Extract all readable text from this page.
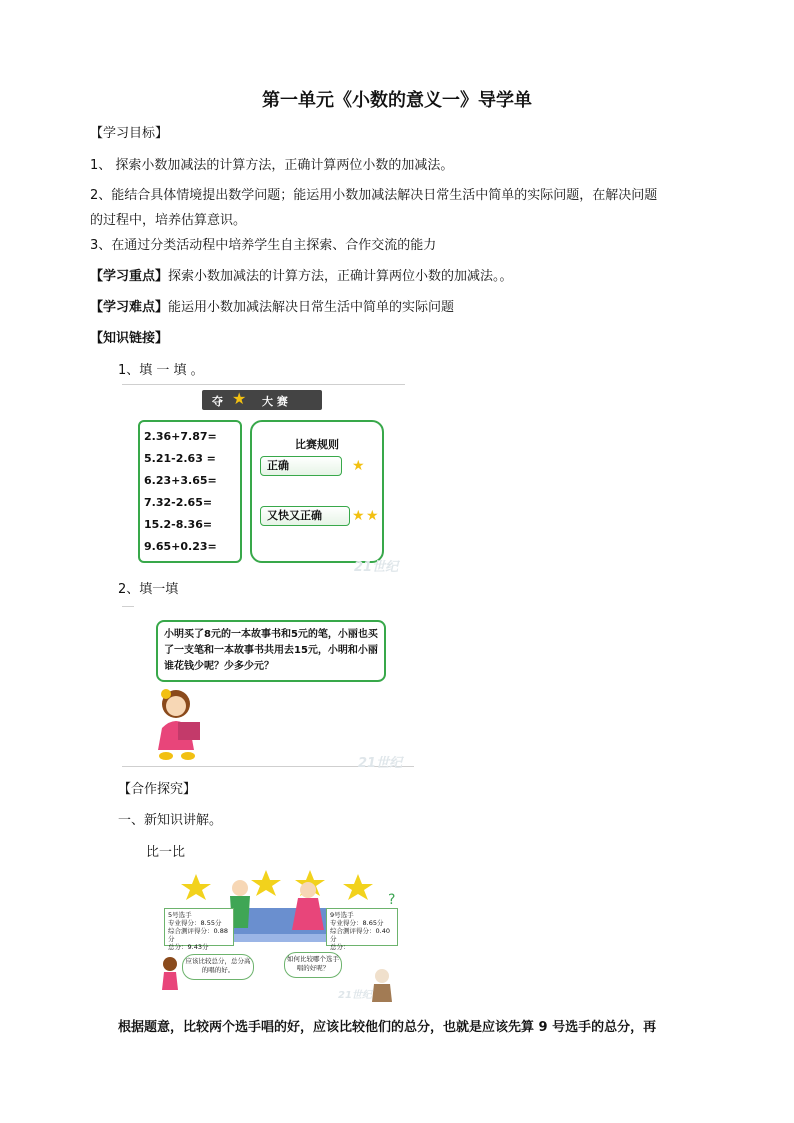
第一单元《小数的意义一》导学单
【学习目标】
1、 探索小数加减法的计算方法，正确计算两位小数的加减法。
2、能结合具体情境提出数学问题；能运用小数加减法解决日常生活中简单的实际问题，在解决问题
的过程中，培养估算意识。
3、在通过分类活动程中培养学生自主探索、合作交流的能力
【学习重点】探索小数加减法的计算方法，正确计算两位小数的加减法。。
【学习难点】能运用小数加减法解决日常生活中简单的实际问题
【知识链接】
1、填 一 填 。
夺 ★ 大 赛
2.36+7.87=
5.21-2.63 =
6.23+3.65=
7.32-2.65=
15.2-8.36=
9.65+0.23=
比赛规则
正确	★
又快又正确	★ ★
21世纪
2、填一填
小明买了8元的一本故事书和5元的笔，小丽也买了一支笔和一本故事书共用去15元，小明和小丽谁花钱少呢？少多少元？
21世纪
【合作探究】
一、新知识讲解。
比一比
?
5号选手
专业得分：8.55分
综合测评得分：0.88分
总分：9.43分
9号选手
专业得分：8.65分
综合测评得分：0.40分
总分：
应该比较总分，总分高的唱的好。
如何比较哪个选手唱的好呢？
21世纪
根据题意，比较两个选手唱的好，应该比较他们的总分，也就是应该先算 9 号选手的总分，再
